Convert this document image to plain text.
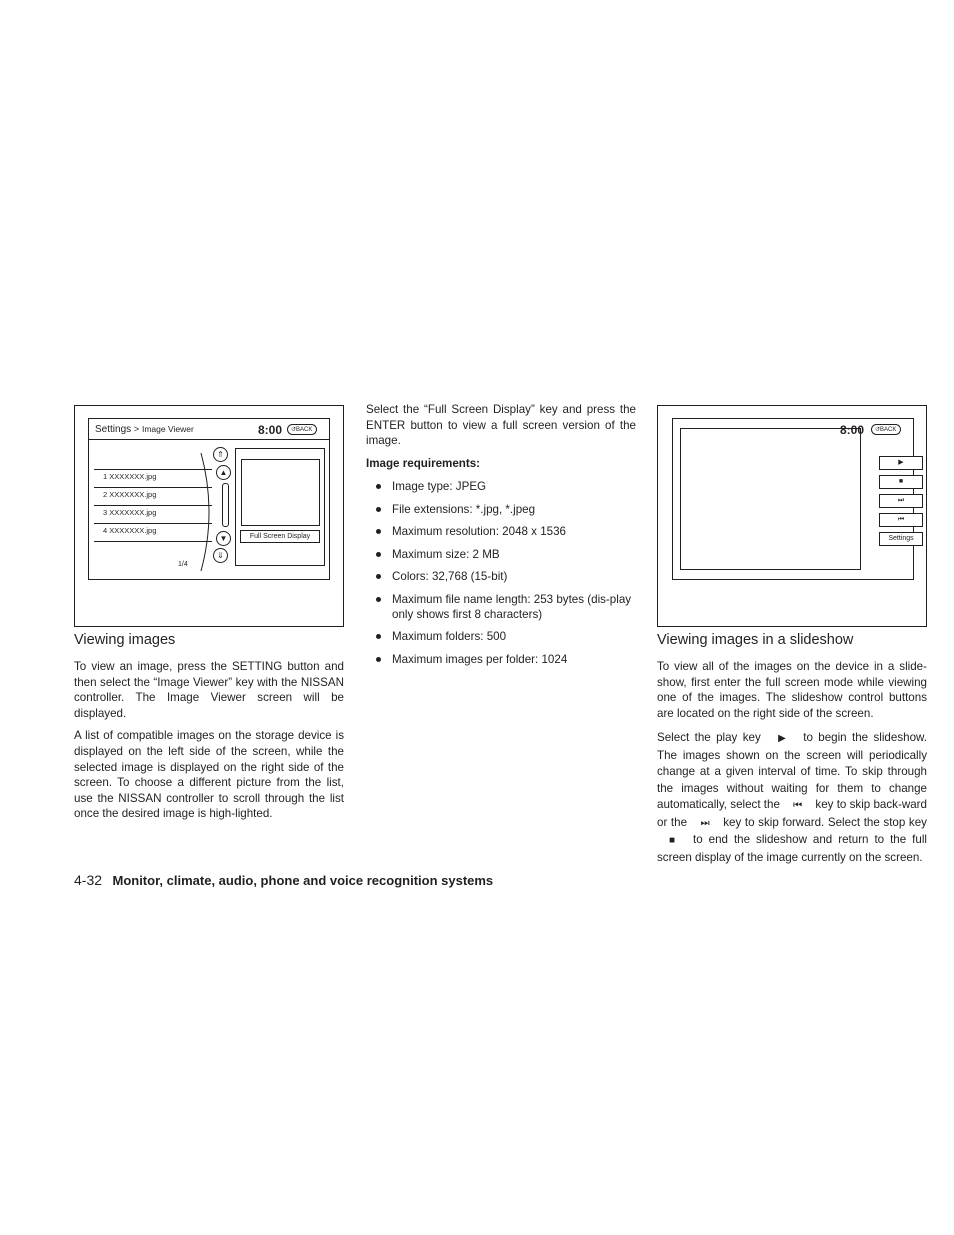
Settings > Image Viewer	8:00	↺BACK
1 XXXXXXX.jpg
2 XXXXXXX.jpg
3 XXXXXXX.jpg
4 XXXXXXX.jpg
⇑
▲
▼
⇓
1/4
Full Screen Display
Viewing images

To view an image, press the SETTING button and then select the “Image Viewer” key with the NISSAN controller. The Image Viewer screen will be displayed.

A list of compatible images on the storage device is displayed on the left side of the screen, while the selected image is displayed on the right side of the screen. To choose a different picture from the list, use the NISSAN controller to scroll through the list once the desired image is high-lighted.

Select the “Full Screen Display” key and press the ENTER button to view a full screen version of the image.

Image requirements:

Image type: JPEG
File extensions: *.jpg, *.jpeg
Maximum resolution: 2048 x 1536
Maximum size: 2 MB
Colors: 32,768 (15-bit)
Maximum file name length: 253 bytes (dis-play only shows first 8 characters)
Maximum folders: 500
Maximum images per folder: 1024
8:00	↺BACK
▶
■
⏭
⏮
Settings
Viewing images in a slideshow

To view all of the images on the device in a slide-show, first enter the full screen mode while viewing one of the images. The slideshow control buttons are located on the right side of the screen.

Select the play key ▶ to begin the slideshow. The images shown on the screen will periodically change at a given interval of time. To skip through the images without waiting for them to change automatically, select the ⏮ key to skip back-ward or the ⏭ key to skip forward. Select the stop key ■ to end the slideshow and return to the full screen display of the image currently on the screen.

4-32 Monitor, climate, audio, phone and voice recognition systems
